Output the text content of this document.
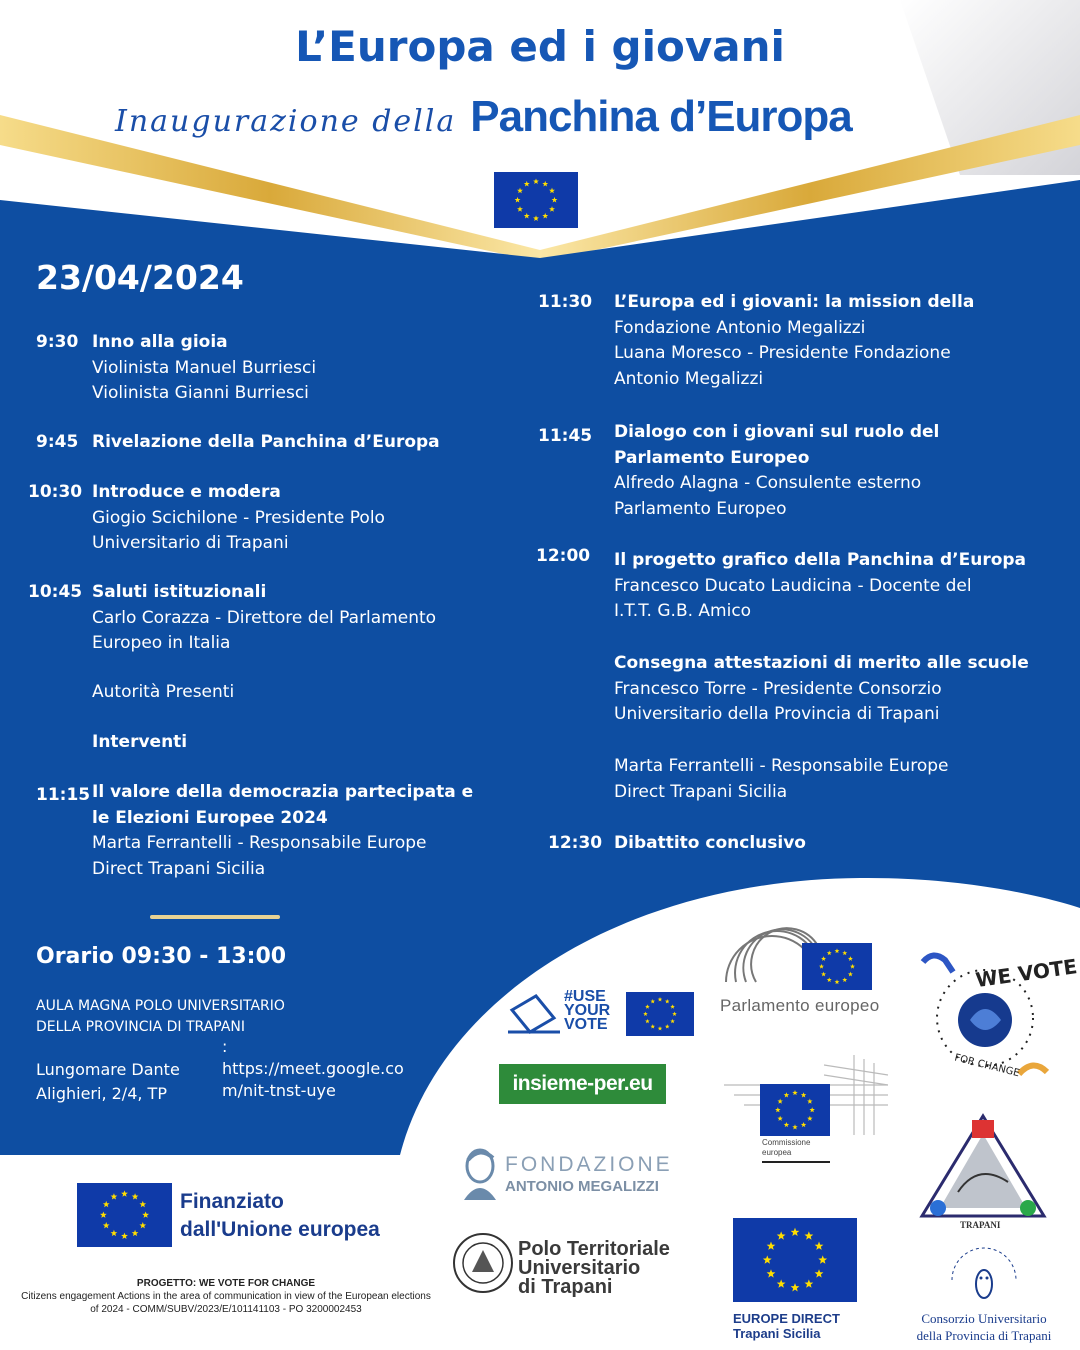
L’Europa ed i giovani
Inaugurazione della Panchina d’Europa
23/04/2024
9:30 Inno alla gioia
Violinista Manuel Burriesci
Violinista Gianni Burriesci
9:45 Rivelazione della Panchina d’Europa
10:30 Introduce e modera
Giogio Scichilone - Presidente Polo
Universitario di Trapani
10:45 Saluti istituzionali
Carlo Corazza - Direttore del Parlamento
Europeo in Italia
Autorità Presenti
Interventi
11:15 Il valore della democrazia partecipata e
le Elezioni Europee 2024
Marta Ferrantelli - Responsabile Europe
Direct Trapani Sicilia
11:30 L’Europa ed i giovani: la mission della
Fondazione Antonio Megalizzi
Luana Moresco - Presidente Fondazione
Antonio Megalizzi
11:45 Dialogo con i giovani sul ruolo del
Parlamento Europeo
Alfredo Alagna - Consulente esterno
Parlamento Europeo
12:00 Il progetto grafico della Panchina d’Europa
Francesco Ducato Laudicina - Docente del
I.T.T. G.B. Amico
Consegna attestazioni di merito alle scuole
Francesco Torre - Presidente Consorzio
Universitario della Provincia di Trapani
Marta Ferrantelli - Responsabile Europe
Direct Trapani Sicilia
12:30 Dibattito conclusivo
Orario 09:30 - 13:00
AULA MAGNA POLO UNIVERSITARIO
DELLA PROVINCIA DI TRAPANI
Lungomare Dante
Alighieri, 2/4, TP
:
https://meet.google.com/nit-tnst-uye
Finanziato
dall'Unione europea
PROGETTO: WE VOTE FOR CHANGE
Citizens engagement Actions in the area of communication in view of the European elections of 2024 - COMM/SUBV/2023/E/101141103 - PO 3200002453
#USE
YOUR
VOTE
Parlamento europeo
WE VOTE
FOR CHANGE
insieme-per.eu
Commissione
europea
FONDAZIONE
ANTONIO MEGALIZZI
Polo Territoriale
Universitario
di Trapani
EUROPE DIRECT
Trapani Sicilia
TRAPANI
Consorzio Universitario
della Provincia di Trapani
